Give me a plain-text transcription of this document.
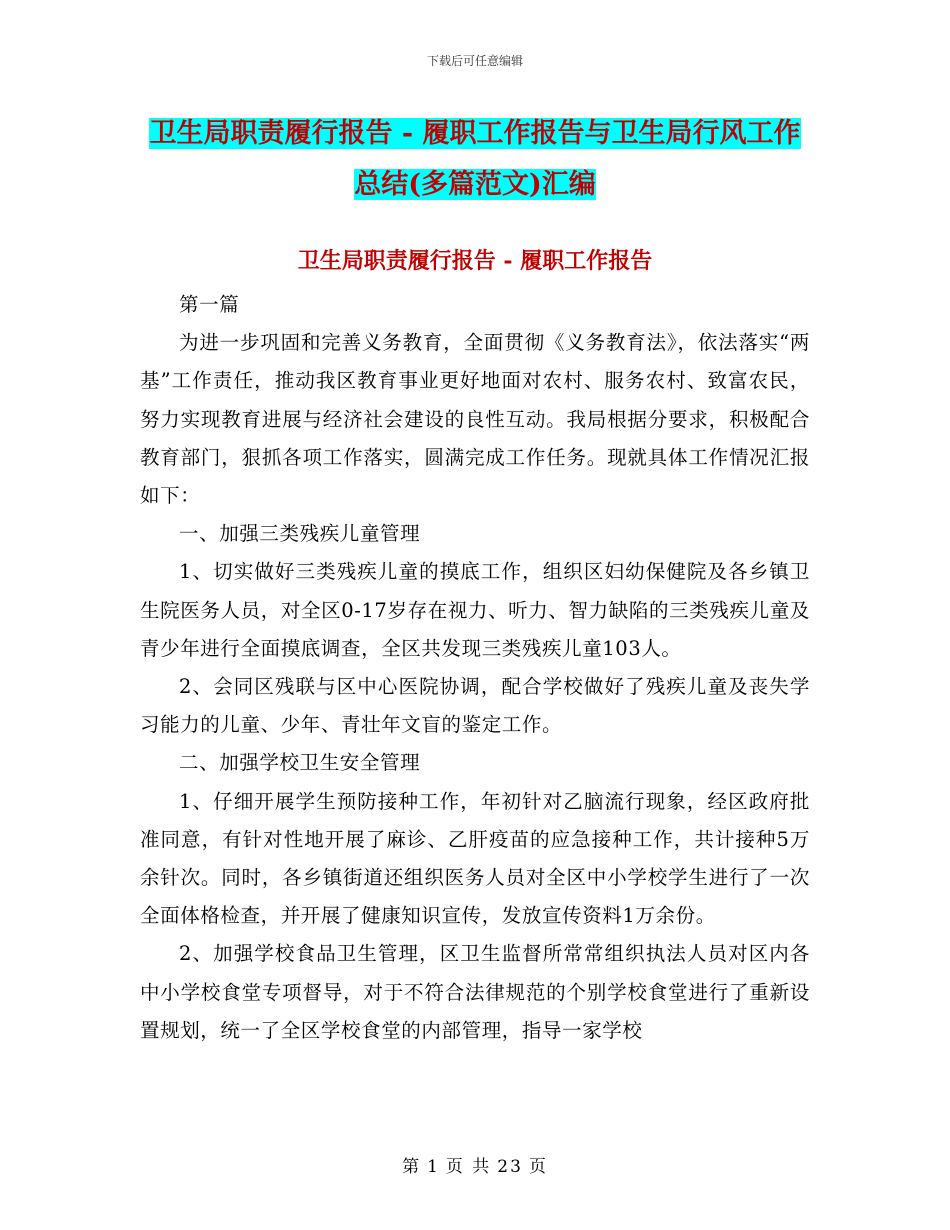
下载后可任意编辑
卫生局职责履行报告 - 履职工作报告与卫生局行风工作总结(多篇范文)汇编
卫生局职责履行报告 - 履职工作报告

第一篇

为进一步巩固和完善义务教育，全面贯彻《义务教育法》，依法落实“两基”工作责任，推动我区教育事业更好地面对农村、服务农村、致富农民，努力实现教育进展与经济社会建设的良性互动。我局根据分要求，积极配合教育部门，狠抓各项工作落实，圆满完成工作任务。现就具体工作情况汇报如下：

一、加强三类残疾儿童管理

1、切实做好三类残疾儿童的摸底工作，组织区妇幼保健院及各乡镇卫生院医务人员，对全区0-17岁存在视力、听力、智力缺陷的三类残疾儿童及青少年进行全面摸底调查，全区共发现三类残疾儿童103人。

2、会同区残联与区中心医院协调，配合学校做好了残疾儿童及丧失学习能力的儿童、少年、青壮年文盲的鉴定工作。

二、加强学校卫生安全管理

1、仔细开展学生预防接种工作，年初针对乙脑流行现象，经区政府批准同意，有针对性地开展了麻诊、乙肝疫苗的应急接种工作，共计接种5万余针次。同时，各乡镇街道还组织医务人员对全区中小学校学生进行了一次全面体格检查，并开展了健康知识宣传，发放宣传资料1万余份。

2、加强学校食品卫生管理，区卫生监督所常常组织执法人员对区内各中小学校食堂专项督导，对于不符合法律规范的个别学校食堂进行了重新设置规划，统一了全区学校食堂的内部管理，指导一家学校

第 1 页 共 23 页
